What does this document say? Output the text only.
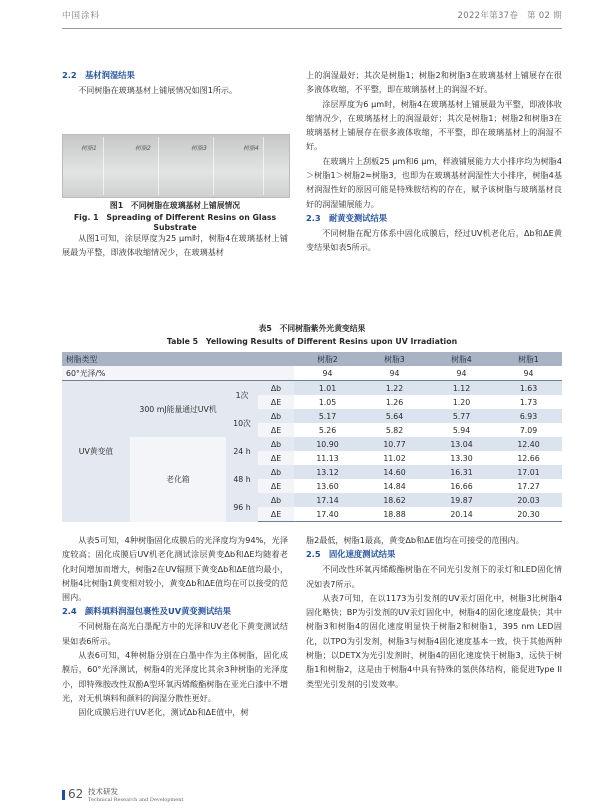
中国涂料	2022年第37卷　第 02 期
2.2　基材润湿结果

不同树脂在玻璃基材上铺展情况如图1所示。

树脂1	树脂2	树脂3	树脂4
图1　不同树脂在玻璃基材上铺展情况
Fig. 1　Spreading of Different Resins on Glass Substrate

从图1可知，涂层厚度为25 μm时，树脂4在玻璃基材上铺展最为平整，即液体收缩情况少，在玻璃基材

上的润湿最好；其次是树脂1；树脂2和树脂3在玻璃基材上铺展存在很多液体收缩，不平整，即在玻璃基材上的润湿不好。

涂层厚度为6 μm时，树脂4在玻璃基材上铺展最为平整，即液体收缩情况少，在玻璃基材上的润湿最好；其次是树脂1；树脂2和树脂3在玻璃基材上铺展存在很多液体收缩，不平整，即在玻璃基材上的润湿不好。

在玻璃片上刮板25 μm和6 μm，样液铺展能力大小排序均为树脂4＞树脂1＞树脂2≈树脂3，也即为在玻璃基材润湿性大小排序，树脂4基材润湿性好的原因可能是特殊胺结构的存在，赋予该树脂与玻璃基材良好的润湿铺展能力。

2.3　耐黄变测试结果

不同树脂在配方体系中固化成膜后，经过UV机老化后，Δb和ΔE黄变结果如表5所示。

表5　不同树脂紫外光黄变结果
Table 5　Yellowing Results of Different Resins upon UV Irradiation
树脂类型				树脂2	树脂3	树脂4	树脂1
60°光泽/%				94	94	94	94
UV黄变值	300 mJ能量通过UV机	1次	Δb	1.01	1.22	1.12	1.63
			ΔE	1.05	1.26	1.20	1.73
		10次	Δb	5.17	5.64	5.77	6.93
			ΔE	5.26	5.82	5.94	7.09
	老化箱	24 h	Δb	10.90	10.77	13.04	12.40
			ΔE	11.13	11.02	13.30	12.66
		48 h	Δb	13.12	14.60	16.31	17.01
			ΔE	13.60	14.84	16.66	17.27
		96 h	Δb	17.14	18.62	19.87	20.03
			ΔE	17.40	18.88	20.14	20.30

从表5可知，4种树脂固化成膜后的光泽度均为94%，光泽度较高；固化成膜后UV机老化测试涂层黄变Δb和ΔE均随着老化时间增加而增大，树脂2在UV辐照下黄变Δb和ΔE值均最小，树脂4比树脂1黄变相对较小，黄变Δb和ΔE值均在可以接受的范围内。

2.4　颜料填料润湿包裹性及UV黄变测试结果

不同树脂在高光白墨配方中的光泽和UV老化下黄变测试结果如表6所示。

从表6可知，4种树脂分别在白墨中作为主体树脂，固化成膜后，60°光泽测试，树脂4的光泽度比其余3种树脂的光泽度小，即特殊胺改性双酚A型环氧丙烯酸酯树脂在亚光白漆中不增光，对无机填料和颜料的润湿分散性更好。

固化成膜后进行UV老化，测试Δb和ΔE值中，树

脂2最低，树脂1最高，黄变Δb和ΔE值均在可接受的范围内。

2.5　固化速度测试结果

不同改性环氧丙烯酸酯树脂在不同光引发剂下的汞灯和LED固化情况如表7所示。

从表7可知，在以1173为引发剂的UV汞灯固化中，树脂3比树脂4固化略快；BP为引发剂的UV汞灯固化中，树脂4的固化速度最快；其中树脂3和树脂4的固化速度明显快于树脂2和树脂1，395 nm LED固化，以TPO为引发剂，树脂3与树脂4固化速度基本一致，快于其他两种树脂；以DETX为光引发剂时，树脂4的固化速度快于树脂3，远快于树脂1和树脂2，这是由于树脂4中具有特殊的氢供体结构，能促进Type II 类型光引发剂的引发效率。

62 技术研发
Technical Research and Development
